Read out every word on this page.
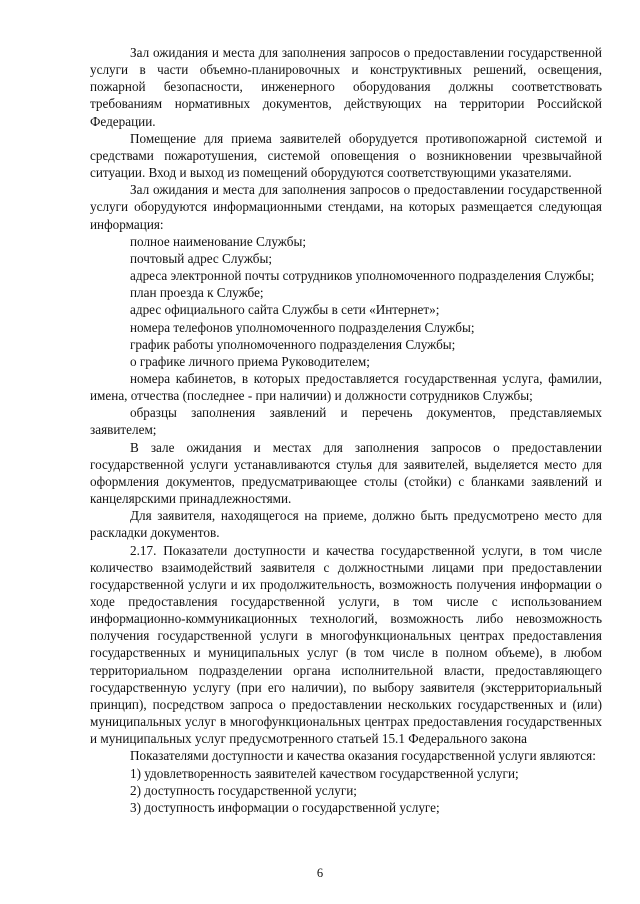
Зал ожидания и места для заполнения запросов о предоставлении государственной услуги в части объемно-планировочных и конструктивных решений, освещения, пожарной безопасности, инженерного оборудования должны соответствовать требованиям нормативных документов, действующих на территории Российской Федерации.

Помещение для приема заявителей оборудуется противопожарной системой и средствами пожаротушения, системой оповещения о возникновении чрезвычайной ситуации. Вход и выход из помещений оборудуются соответствующими указателями.

Зал ожидания и места для заполнения запросов о предоставлении государственной услуги оборудуются информационными стендами, на которых размещается следующая информация:

полное наименование Службы;

почтовый адрес Службы;

адреса электронной почты сотрудников уполномоченного подразделения Службы;

план проезда к Службе;

адрес официального сайта Службы в сети «Интернет»;

номера телефонов уполномоченного подразделения Службы;

график работы уполномоченного подразделения Службы;

о графике личного приема Руководителем;

номера кабинетов, в которых предоставляется государственная услуга, фамилии, имена, отчества (последнее - при наличии) и должности сотрудников Службы;

образцы заполнения заявлений и перечень документов, представляемых заявителем;

В зале ожидания и местах для заполнения запросов о предоставлении государственной услуги устанавливаются стулья для заявителей, выделяется место для оформления документов, предусматривающее столы (стойки) с бланками заявлений и канцелярскими принадлежностями.

Для заявителя, находящегося на приеме, должно быть предусмотрено место для раскладки документов.

2.17. Показатели доступности и качества государственной услуги, в том числе количество взаимодействий заявителя с должностными лицами при предоставлении государственной услуги и их продолжительность, возможность получения информации о ходе предоставления государственной услуги, в том числе с использованием информационно-коммуникационных технологий, возможность либо невозможность получения государственной услуги в многофункциональных центрах предоставления государственных и муниципальных услуг (в том числе в полном объеме), в любом территориальном подразделении органа исполнительной власти, предоставляющего государственную услугу (при его наличии), по выбору заявителя (экстерриториальный принцип), посредством запроса о предоставлении нескольких государственных и (или) муниципальных услуг в многофункциональных центрах предоставления государственных и муниципальных услуг предусмотренного статьей 15.1 Федерального закона

Показателями доступности и качества оказания государственной услуги являются:

1) удовлетворенность заявителей качеством государственной услуги;

2) доступность государственной услуги;

3) доступность информации о государственной услуге;

6
